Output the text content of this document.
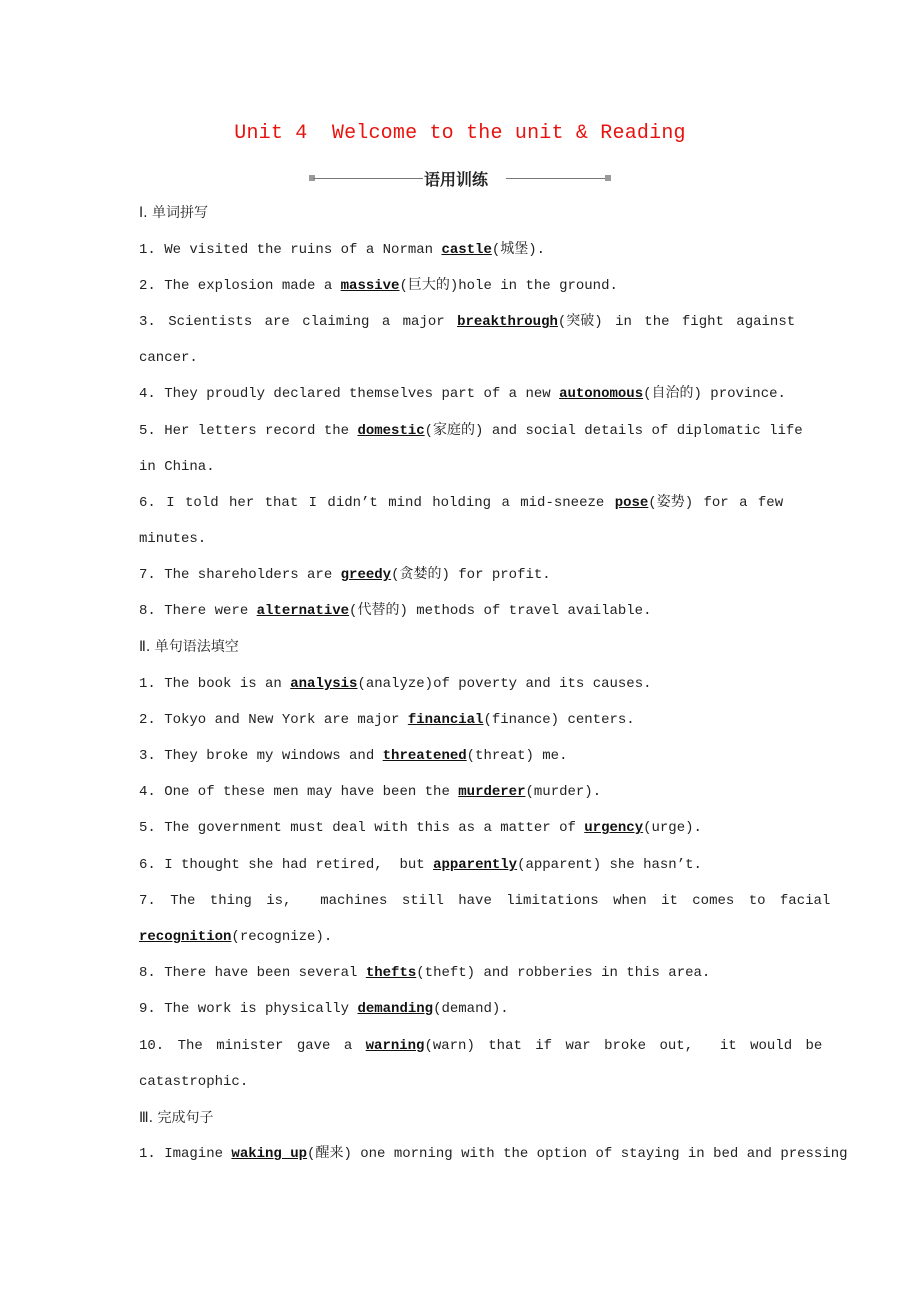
Unit 4  Welcome to the unit & Reading
语用训练
Ⅰ. 单词拼写
1. We visited the ruins of a Norman castle(城堡).
2. The explosion made a massive(巨大的)hole in the ground.
3. Scientists are claiming a major breakthrough(突破) in the fight against
cancer.
4. They proudly declared themselves part of a new autonomous(自治的) province.
5. Her letters record the domestic(家庭的) and social details of diplomatic life
in China.
6. I told her that I didn’t mind holding a mid-sneeze pose(姿势) for a few
minutes.
7. The shareholders are greedy(贪婪的) for profit.
8. There were alternative(代替的) methods of travel available.
Ⅱ. 单句语法填空
1. The book is an analysis(analyze)of poverty and its causes.
2. Tokyo and New York are major financial(finance) centers.
3. They broke my windows and threatened(threat) me.
4. One of these men may have been the murderer(murder).
5. The government must deal with this as a matter of urgency(urge).
6. I thought she had retired,  but apparently(apparent) she hasn’t.
7. The thing is,  machines still have limitations when it comes to facial
recognition(recognize).
8. There have been several thefts(theft) and robberies in this area.
9. The work is physically demanding(demand).
10. The minister gave a warning(warn) that if war broke out,  it would be
catastrophic.
Ⅲ. 完成句子
1. Imagine waking up(醒来) one morning with the option of staying in bed and pressing
